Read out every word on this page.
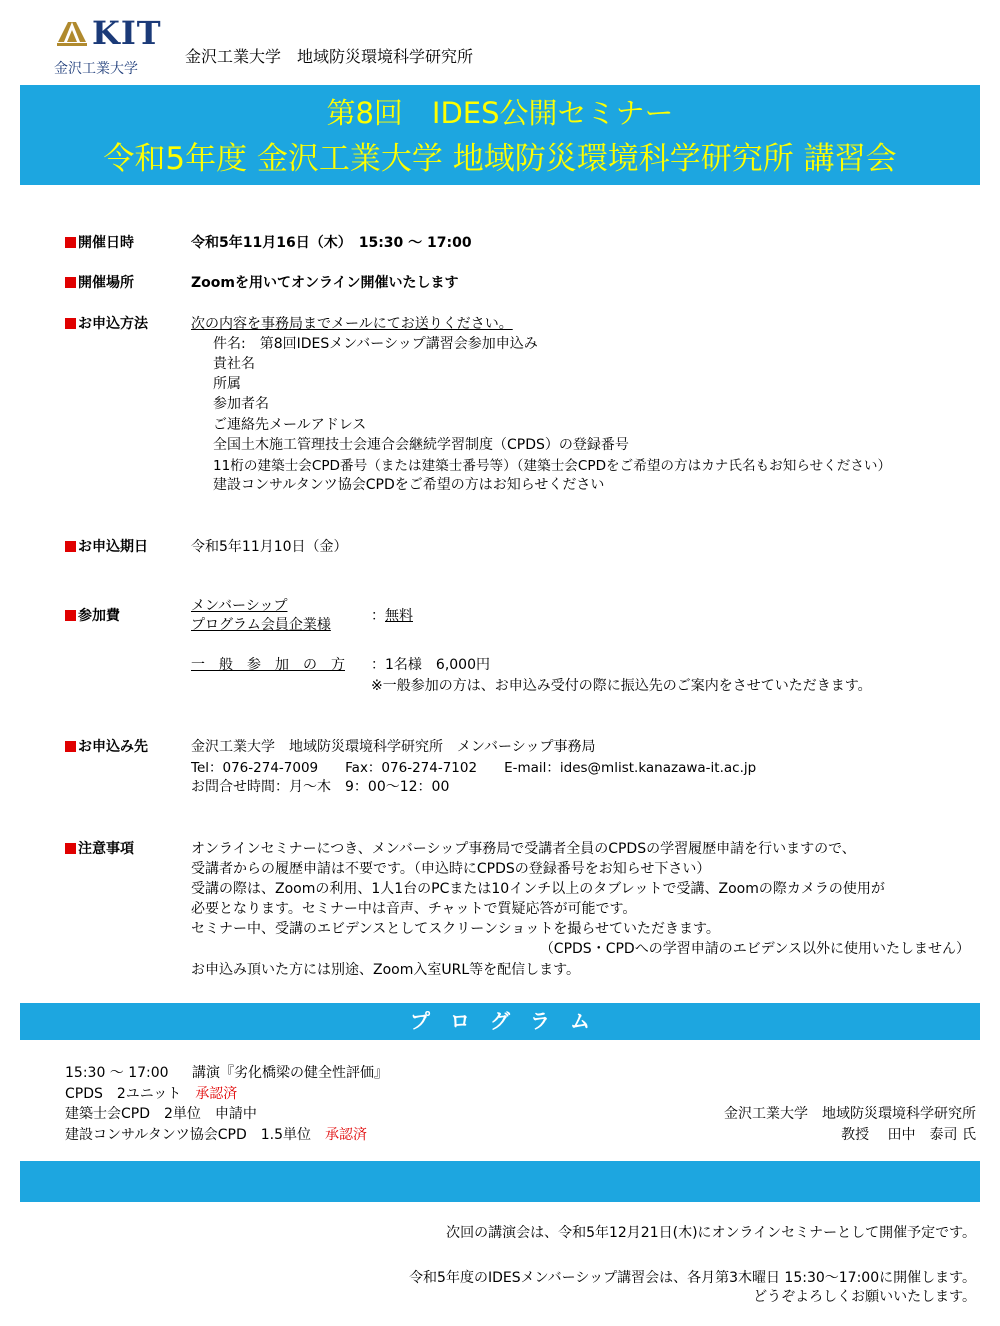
KIT
金沢工業大学
金沢工業大学　地域防災環境科学研究所
第8回　IDES公開セミナー
令和5年度 金沢工業大学 地域防災環境科学研究所 講習会
開催日時	令和5年11月16日（木）　15:30 ～ 17:00
開催場所	Zoomを用いてオンライン開催いたします
お申込方法	次の内容を事務局までメールにてお送りください。
件名:　第8回IDESメンバーシップ講習会参加申込み
貴社名
所属
参加者名
ご連絡先メールアドレス
全国土木施工管理技士会連合会継続学習制度（CPDS）の登録番号
11桁の建築士会CPD番号（または建築士番号等）（建築士会CPDをご希望の方はカナ氏名もお知らせください）
建設コンサルタンツ協会CPDをご希望の方はお知らせください
お申込期日	令和5年11月10日（金）
参加費
メンバーシップ
プログラム会員企業様
：無料
一　般　参　加　の　方 ：1名様　6,000円
※一般参加の方は、お申込み受付の際に振込先のご案内をさせていただきます。
お申込み先	金沢工業大学　地域防災環境科学研究所　メンバーシップ事務局
Tel：076-274-7009　　Fax：076-274-7102　　E-mail：ides@mlist.kanazawa-it.ac.jp
お問合せ時間：月～木　9：00～12：00
注意事項	オンラインセミナーにつき、メンバーシップ事務局で受講者全員のCPDSの学習履歴申請を行いますので、
受講者からの履歴申請は不要です。（申込時にCPDSの登録番号をお知らせ下さい）
受講の際は、Zoomの利用、1人1台のPCまたは10インチ以上のタブレットで受講、Zoomの際カメラの使用が
必要となります。セミナー中は音声、チャットで質疑応答が可能です。
セミナー中、受講のエビデンスとしてスクリーンショットを撮らせていただきます。
（CPDS・CPDへの学習申請のエビデンス以外に使用いたしません）
お申込み頂いた方には別途、Zoom入室URL等を配信します。
プ　ロ　グ　ラ　ム
15:30 ～ 17:00 講演『劣化橋梁の健全性評価』
CPDS　2ユニット　 承認済
建築士会CPD　2単位　申請中
建設コンサルタンツ協会CPD　1.5単位　 承認済
金沢工業大学　地域防災環境科学研究所
教授　 田中　泰司 氏
次回の講演会は、令和5年12月21日(木)にオンラインセミナーとして開催予定です。
令和5年度のIDESメンバーシップ講習会は、各月第3木曜日 15:30～17:00に開催します。
どうぞよろしくお願いいたします。
